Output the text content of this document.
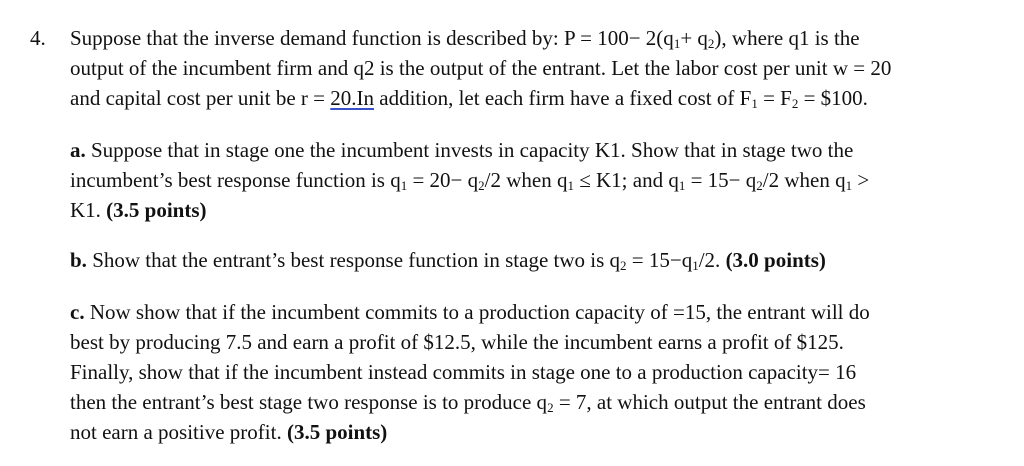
4. Suppose that the inverse demand function is described by: $P = 100- 2(q_1+ q_2)$, where q1 is the
output of the incumbent firm and q2 is the output of the entrant. Let the labor cost per unit w = 20
and capital cost per unit be r = 20.In addition, let each firm have a fixed cost of $F_1 = F_2$ = $100.
a. Suppose that in stage one the incumbent invests in capacity K1. Show that in stage two the
incumbent’s best response function is $q_1 = 20- q_2/2$ when $q_1 \le K1$; and $q_1 = 15- q_2/2$ when $q_1$ >
K1. (3.5 points)
b. Show that the entrant’s best response function in stage two is $q_2 = 15-q_1/2$. (3.0 points)
c. Now show that if the incumbent commits to a production capacity of =15, the entrant will do
best by producing 7.5 and earn a profit of $12.5, while the incumbent earns a profit of $125.
Finally, show that if the incumbent instead commits in stage one to a production capacity= 16
then the entrant’s best stage two response is to produce $q_2 = 7$, at which output the entrant does
not earn a positive profit. (3.5 points)
